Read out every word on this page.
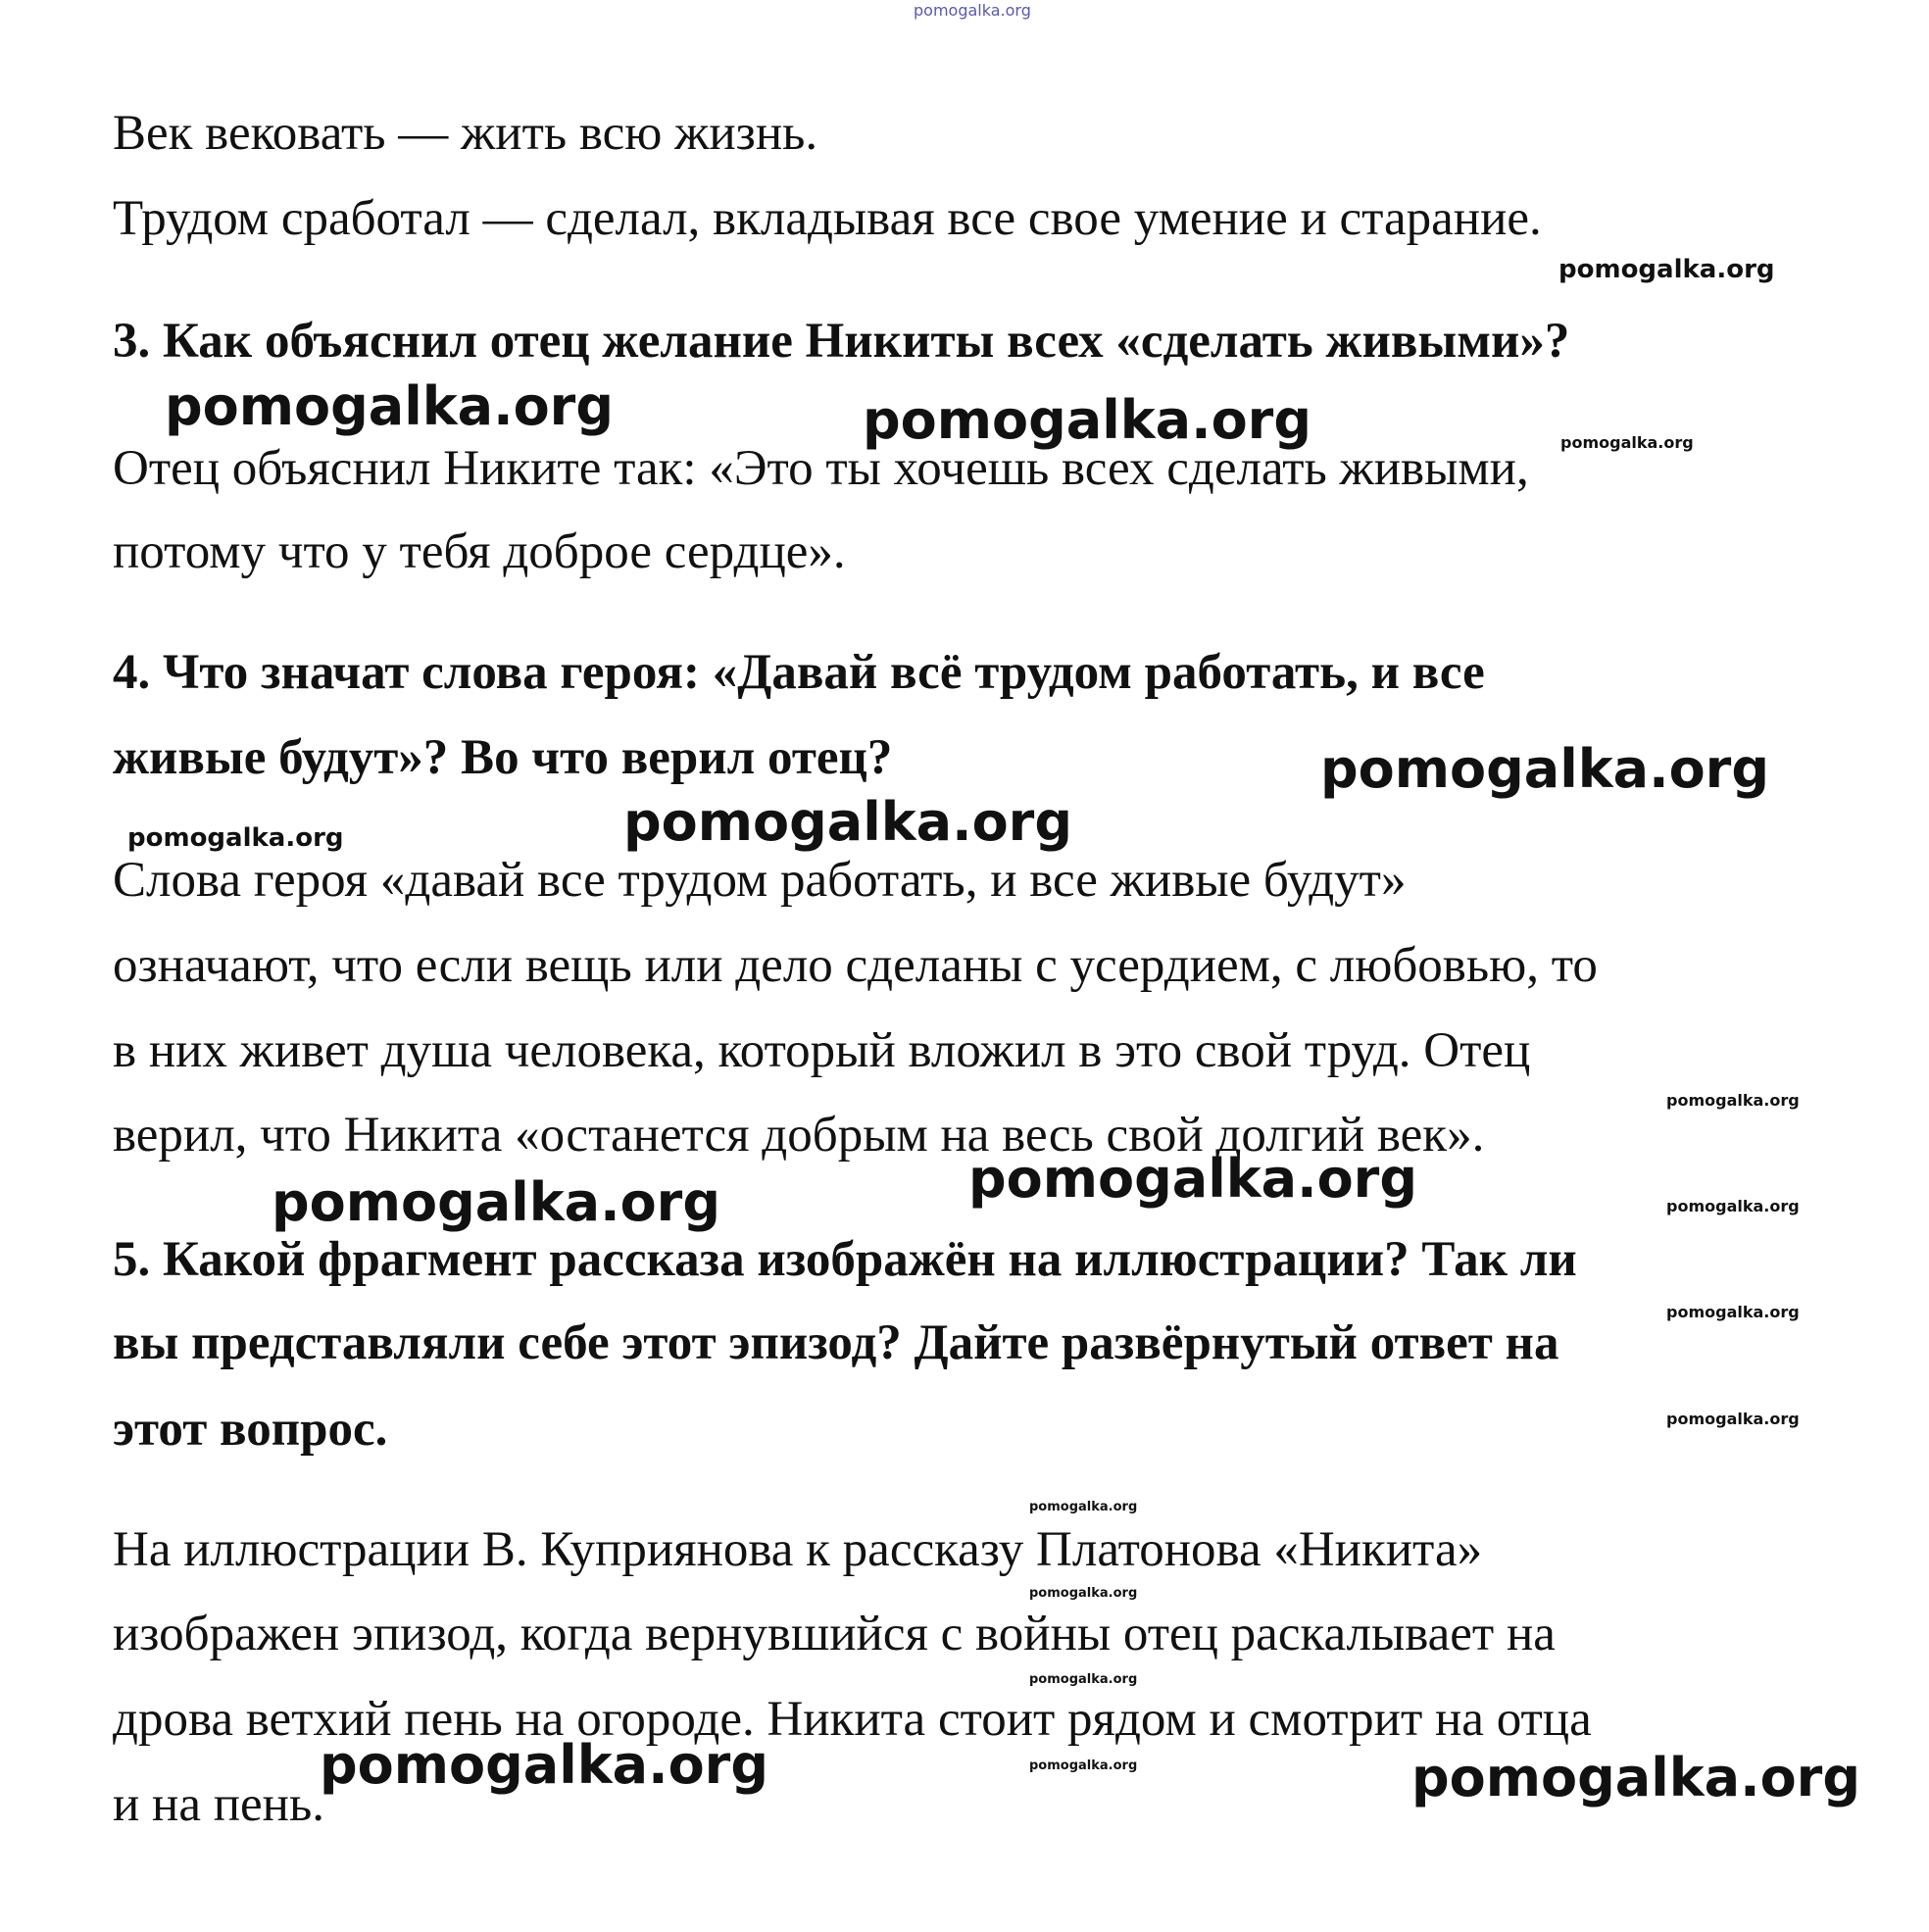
pomogalka.org

Век вековать — жить всю жизнь.

Трудом сработал — сделал, вкладывая все свое умение и старание.

pomogalka.org

3. Как объяснил отец желание Никиты всех «сделать живыми»?

pomogalka.org	pomogalka.org	pomogalka.org

Отец объяснил Никите так: «Это ты хочешь всех сделать живыми,

потому что у тебя доброе сердце».

4. Что значат слова героя: «Давай всё трудом работать, и все

живые будут»? Во что верил отец?	pomogalka.org
pomogalka.org
pomogalka.org

Слова героя «давай все трудом работать, и все живые будут»

означают, что если вещь или дело сделаны с усердием, с любовью, то

в них живет душа человека, который вложил в это свой труд. Отец

pomogalka.org

верил, что Никита «останется добрым на весь свой долгий век».

pomogalka.org
pomogalka.org	pomogalka.org

5. Какой фрагмент рассказа изображён на иллюстрации? Так ли

pomogalka.org

вы представляли себе этот эпизод? Дайте развёрнутый ответ на

pomogalka.org

этот вопрос.

pomogalka.org

На иллюстрации В. Куприянова к рассказу Платонова «Никита»

pomogalka.org

изображен эпизод, когда вернувшийся с войны отец раскалывает на

pomogalka.org

дрова ветхий пень на огороде. Никита стоит рядом и смотрит на отца

pomogalka.org	pomogalka.org	pomogalka.org

и на пень.
